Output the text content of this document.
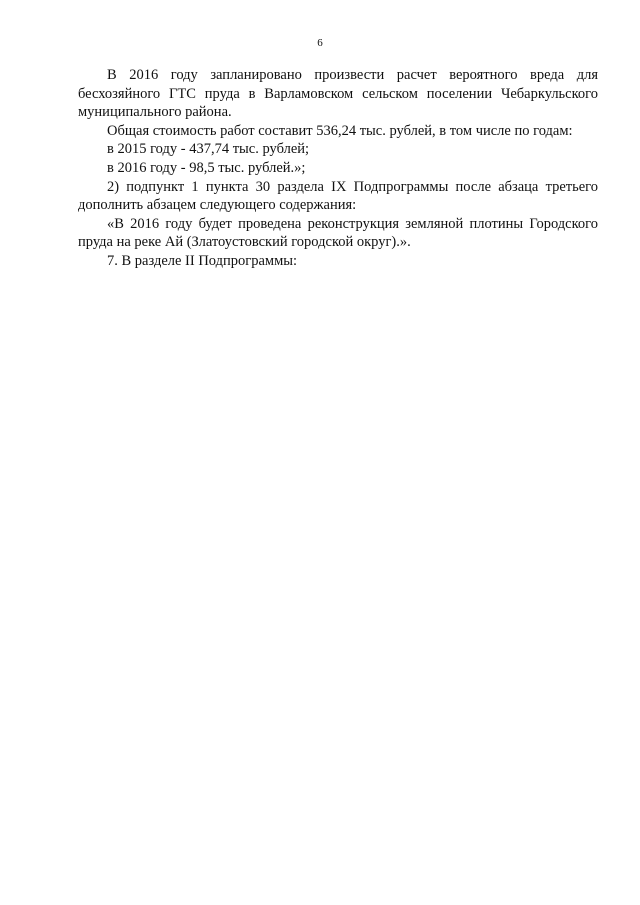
6

В 2016 году запланировано произвести расчет вероятного вреда для бесхозяйного ГТС пруда в Варламовском сельском поселении Чебаркульского муниципального района.

Общая стоимость работ составит 536,24 тыс. рублей, в том числе по годам:

в 2015 году - 437,74 тыс. рублей;

в 2016 году - 98,5 тыс. рублей.»;

2) подпункт 1 пункта 30 раздела IX Подпрограммы после абзаца третьего дополнить абзацем следующего содержания:

«В 2016 году будет проведена реконструкция земляной плотины Городского пруда на реке Ай (Златоустовский городской округ).».

7. В разделе II Подпрограммы:
